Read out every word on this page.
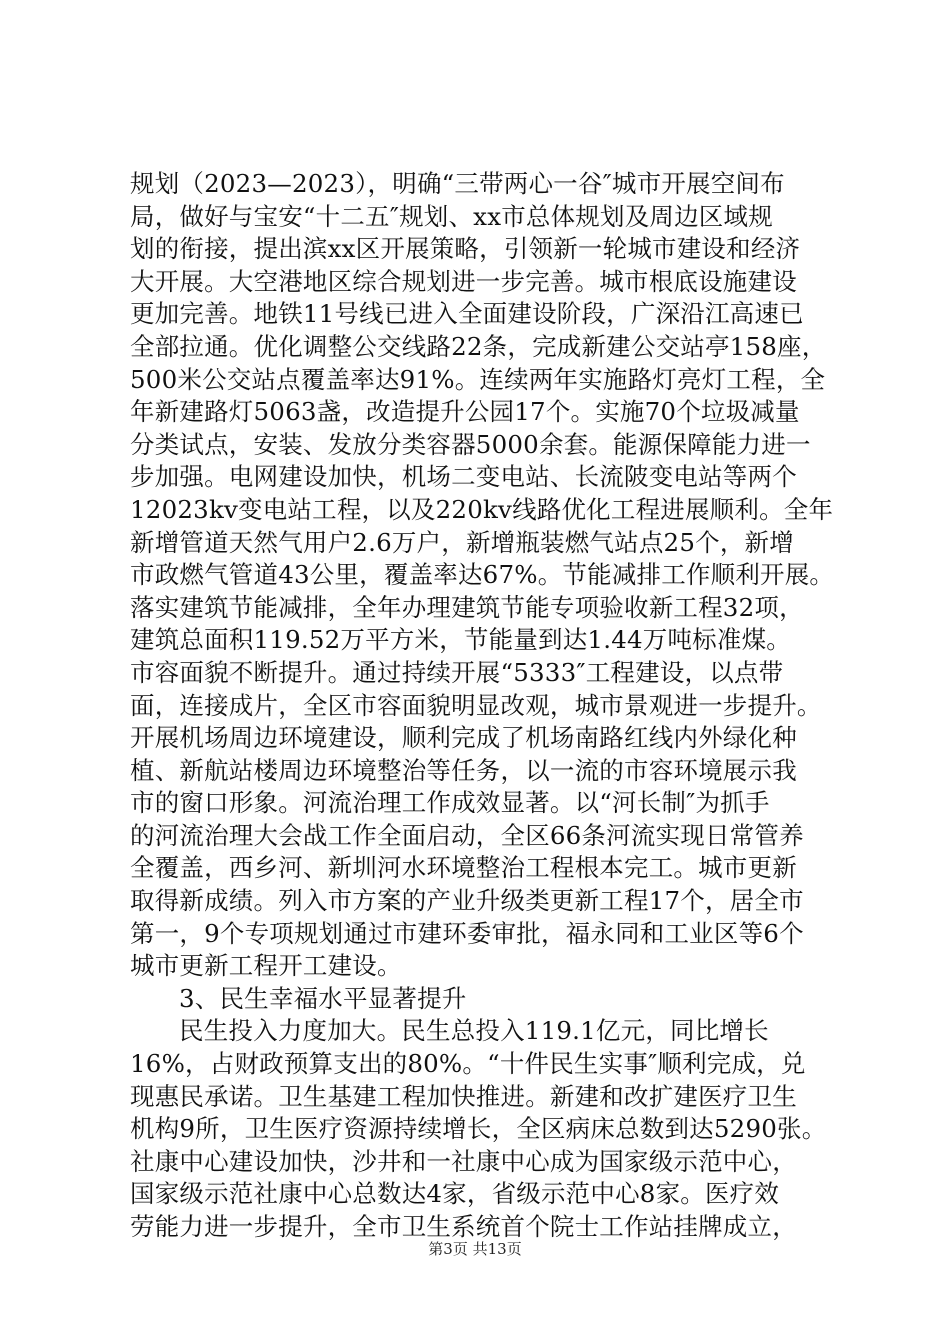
规划（2023—2023），明确“三带两心一谷″城市开展空间布
局，做好与宝安“十二五″规划、xx市总体规划及周边区域规
划的衔接，提出滨xx区开展策略，引领新一轮城市建设和经济
大开展。大空港地区综合规划进一步完善。城市根底设施建设
更加完善。地铁11号线已进入全面建设阶段，广深沿江高速已
全部拉通。优化调整公交线路22条，完成新建公交站亭158座，
500米公交站点覆盖率达91%。连续两年实施路灯亮灯工程，全
年新建路灯5063盏，改造提升公园17个。实施70个垃圾减量
分类试点，安装、发放分类容器5000余套。能源保障能力进一
步加强。电网建设加快，机场二变电站、长流陂变电站等两个
12023kv变电站工程，以及220kv线路优化工程进展顺利。全年
新增管道天然气用户2.6万户，新增瓶装燃气站点25个，新增
市政燃气管道43公里，覆盖率达67%。节能减排工作顺利开展。
落实建筑节能减排，全年办理建筑节能专项验收新工程32项，
建筑总面积119.52万平方米，节能量到达1.44万吨标准煤。
市容面貌不断提升。通过持续开展“5333″工程建设，以点带
面，连接成片，全区市容面貌明显改观，城市景观进一步提升。
开展机场周边环境建设，顺利完成了机场南路红线内外绿化种
植、新航站楼周边环境整治等任务，以一流的市容环境展示我
市的窗口形象。河流治理工作成效显著。以“河长制″为抓手
的河流治理大会战工作全面启动，全区66条河流实现日常管养
全覆盖，西乡河、新圳河水环境整治工程根本完工。城市更新
取得新成绩。列入市方案的产业升级类更新工程17个，居全市
第一，9个专项规划通过市建环委审批，福永同和工业区等6个
城市更新工程开工建设。
3、民生幸福水平显著提升
民生投入力度加大。民生总投入119.1亿元，同比增长
16%，占财政预算支出的80%。“十件民生实事″顺利完成，兑
现惠民承诺。卫生基建工程加快推进。新建和改扩建医疗卫生
机构9所，卫生医疗资源持续增长，全区病床总数到达5290张。
社康中心建设加快，沙井和一社康中心成为国家级示范中心，
国家级示范社康中心总数达4家，省级示范中心8家。医疗效
劳能力进一步提升，全市卫生系统首个院士工作站挂牌成立，
第3页 共13页
